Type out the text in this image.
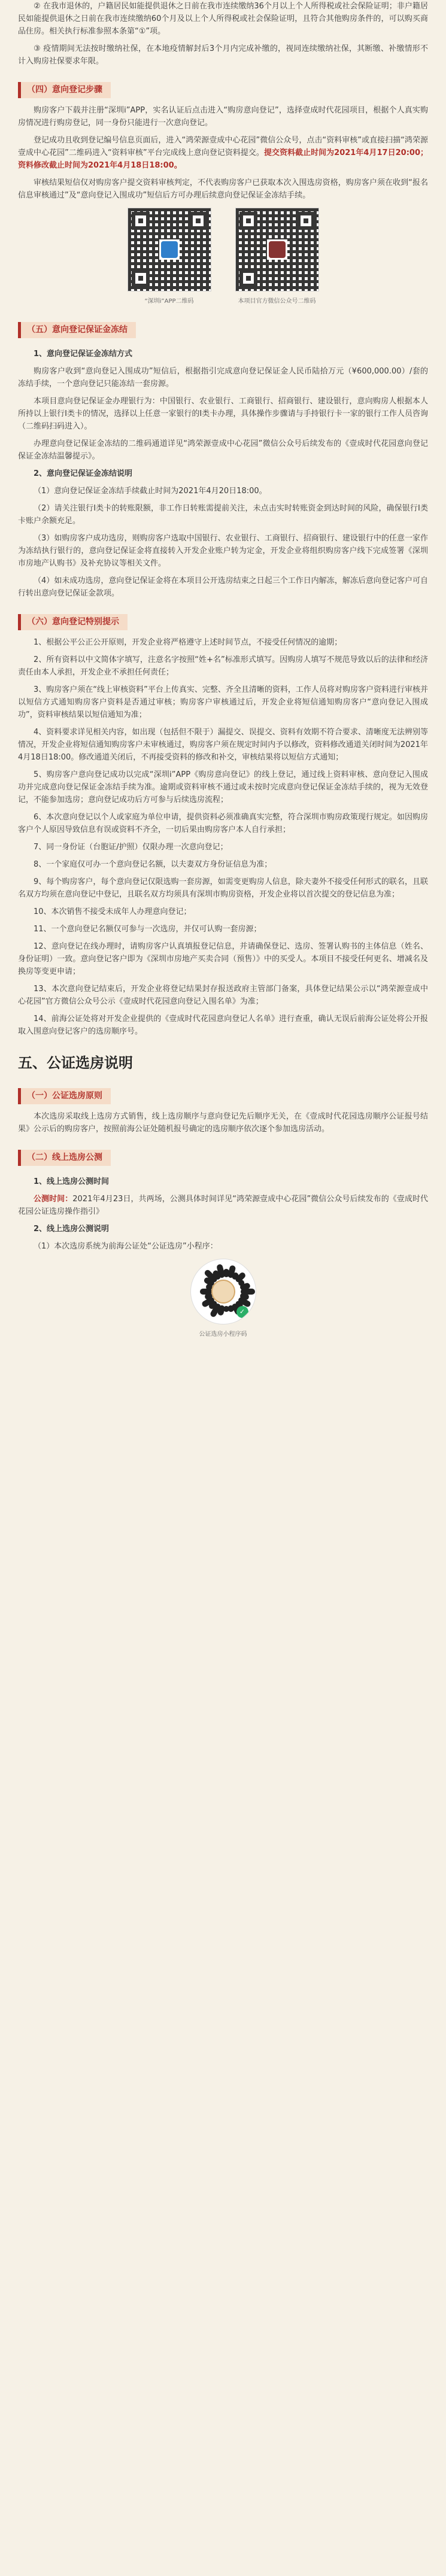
② 在我市退休的，户籍居民如能提供退休之日前在我市连续缴纳36个月以上个人所得税或社会保险证明；非户籍居民如能提供退休之日前在我市连续缴纳60个月及以上个人所得税或社会保险证明，且符合其他购房条件的，可以购买商品住房。相关执行标准参照本条第“①”项。

③ 疫情期间无法按时缴纳社保，在本地疫情解封后3个月内完成补缴的，视同连续缴纳社保，其断缴、补缴情形不计入购房社保要求年限。

（四）意向登记步骤

购房客户下载并注册“深圳i”APP，实名认证后点击进入“购房意向登记”，选择壹成时代花园项目，根据个人真实购房情况进行购房登记，同一身份只能进行一次意向登记。

登记成功且收到登记编号信息页面后，进入“鸿荣源壹成中心花园”微信公众号，点击“资料审核”或直接扫描“鸿荣源壹成中心花园”二维码进入“资料审核”平台完成线上意向登记资料提交。提交资料截止时间为2021年4月17日20:00；资料修改截止时间为2021年4月18日18:00。

审核结果短信仅对购房客户提交资料审核判定，不代表购房客户已获取本次入围选房资格，购房客户须在收到“报名信息审核通过”及“意向登记入围成功”短信后方可办理后续意向登记保证金冻结手续。

“深圳i”APP二维码	本项目官方微信公众号二维码
（五）意向登记保证金冻结
1、意向登记保证金冻结方式

购房客户收到“意向登记入围成功”短信后，根据指引完成意向登记保证金人民币陆拾万元（¥600,000.00）/套的冻结手续，一个意向登记只能冻结一套房源。

本项目意向登记保证金办理银行为：中国银行、农业银行、工商银行、招商银行、建设银行，意向购房人根据本人所持以上银行Ⅰ类卡的情况，选择以上任意一家银行的Ⅰ类卡办理，具体操作步骤请与手持银行卡一家的银行工作人员咨询（二维码扫码进入）。

办理意向登记保证金冻结的二维码通道详见“鸿荣源壹成中心花园”微信公众号后续发布的《壹成时代花园意向登记保证金冻结温馨提示》。

2、意向登记保证金冻结说明

（1）意向登记保证金冻结手续截止时间为2021年4月20日18:00。

（2）请关注银行Ⅰ类卡的转账限额，非工作日转账需提前关注，未点击实时转账资金到达时间的风险，确保银行Ⅰ类卡账户余额充足。

（3）如购房客户成功选房，则购房客户选取中国银行、农业银行、工商银行、招商银行、建设银行中的任意一家作为冻结执行银行的，意向登记保证金将直接转入开发企业账户转为定金，开发企业将组织购房客户线下完成签署《深圳市房地产认购书》及补充协议等相关文件。

（4）如未成功选房，意向登记保证金将在本项目公开选房结束之日起三个工作日内解冻，解冻后意向登记客户可自行转出意向登记保证金款项。

（六）意向登记特别提示

1、根据公平公正公开原则，开发企业将严格遵守上述时间节点，不接受任何情况的逾期；

2、所有资料以中文简体字填写，注意名字按照“姓+名”标准形式填写。因购房人填写不规范导致以后的法律和经济责任由本人承担，开发企业不承担任何责任；

3、购房客户须在“线上审核资料”平台上传真实、完整、齐全且清晰的资料，工作人员将对购房客户资料进行审核并以短信方式通知购房客户资料是否通过审核；购房客户审核通过后，开发企业将短信通知购房客户“意向登记入围成功”，资料审核结果以短信通知为准；

4、资料要求详见相关内容，如出现（包括但不限于）漏提交、误提交、资料有效期不符合要求、清晰度无法辨别等情况，开发企业将短信通知购房客户未审核通过，购房客户须在规定时间内予以修改，资料修改通道关闭时间为2021年4月18日18:00。修改通道关闭后，不再接受资料的修改和补交，审核结果将以短信方式通知；

5、购房客户意向登记成功以完成“深圳i”APP《购房意向登记》的线上登记，通过线上资料审核、意向登记入围成功并完成意向登记保证金冻结手续为准。逾期或资料审核不通过或未按时完成意向登记保证金冻结手续的，视为无效登记，不能参加选房；意向登记成功后方可参与后续选房流程；

6、本次意向登记以个人或家庭为单位申请，提供资料必须准确真实完整，符合深圳市购房政策现行规定。如因购房客户个人原因导致信息有误或资料不齐全，一切后果由购房客户本人自行承担；

7、同一身份证（台胞证/护照）仅限办理一次意向登记；

8、一个家庭仅可办一个意向登记名额，以夫妻双方身份证信息为准；

9、每个购房客户，每个意向登记仅限选购一套房源，如需变更购房人信息，除夫妻外不接受任何形式的联名，且联名双方均须在意向登记中登记，且联名双方均须具有深圳市购房资格，开发企业将以首次提交的登记信息为准；

10、本次销售不接受未成年人办理意向登记；

11、一个意向登记名额仅可参与一次选房，并仅可认购一套房源；

12、意向登记在线办理时，请购房客户认真填报登记信息，并请确保登记、选房、签署认购书的主体信息（姓名、身份证明）一致。意向登记客户即为《深圳市房地产买卖合同（预售）》中的买受人。本项目不接受任何更名、增减名及换房等变更申请；

13、本次意向登记结束后，开发企业将登记结果封存报送政府主管部门备案，具体登记结果公示以“鸿荣源壹成中心花园”官方微信公众号公示《壹成时代花园意向登记入围名单》为准；

14、前海公证处将对开发企业提供的《壹成时代花园意向登记人名单》进行查重，确认无误后前海公证处将公开报取入围意向登记客户的选房顺序号。

五、公证选房说明
（一）公证选房原则

本次选房采取线上选房方式销售，线上选房顺序与意向登记先后顺序无关，在《壹成时代花园选房顺序公证报号结果》公示后的购房客户，按照前海公证处随机报号确定的选房顺序依次逐个参加选房活动。

（二）线上选房公测
1、线上选房公测时间

公测时间：2021年4月23日，共两场，公测具体时间详见“鸿荣源壹成中心花园”微信公众号后续发布的《壹成时代花园公证选房操作指引》

2、线上选房公测说明

（1）本次选房系统为前海公证处“公证选房”小程序：

✓
公证选房小程序码
